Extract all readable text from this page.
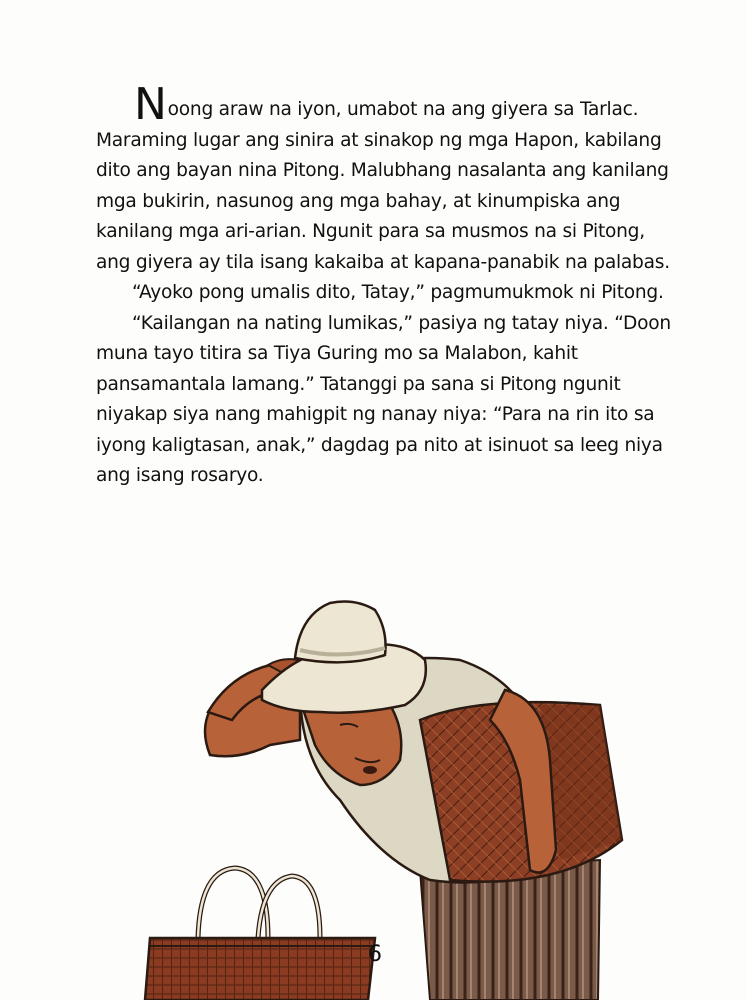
Noong araw na iyon, umabot na ang giyera sa Tarlac. Maraming lugar ang sinira at sinakop ng mga Hapon, kabilang dito ang bayan nina Pitong. Malubhang nasalanta ang kanilang mga bukirin, nasunog ang mga bahay, at kinumpiska ang kanilang mga ari-arian. Ngunit para sa musmos na si Pitong, ang giyera ay tila isang kakaiba at kapana-panabik na palabas.

“Ayoko pong umalis dito, Tatay,” pagmumukmok ni Pitong.

“Kailangan na nating lumikas,” pasiya ng tatay niya. “Doon muna tayo titira sa Tiya Guring mo sa Malabon, kahit pansamantala lamang.” Tatanggi pa sana si Pitong ngunit niyakap siya nang mahigpit ng nanay niya: “Para na rin ito sa iyong kaligtasan, anak,” dagdag pa nito at isinuot sa leeg niya ang isang rosaryo.

6
